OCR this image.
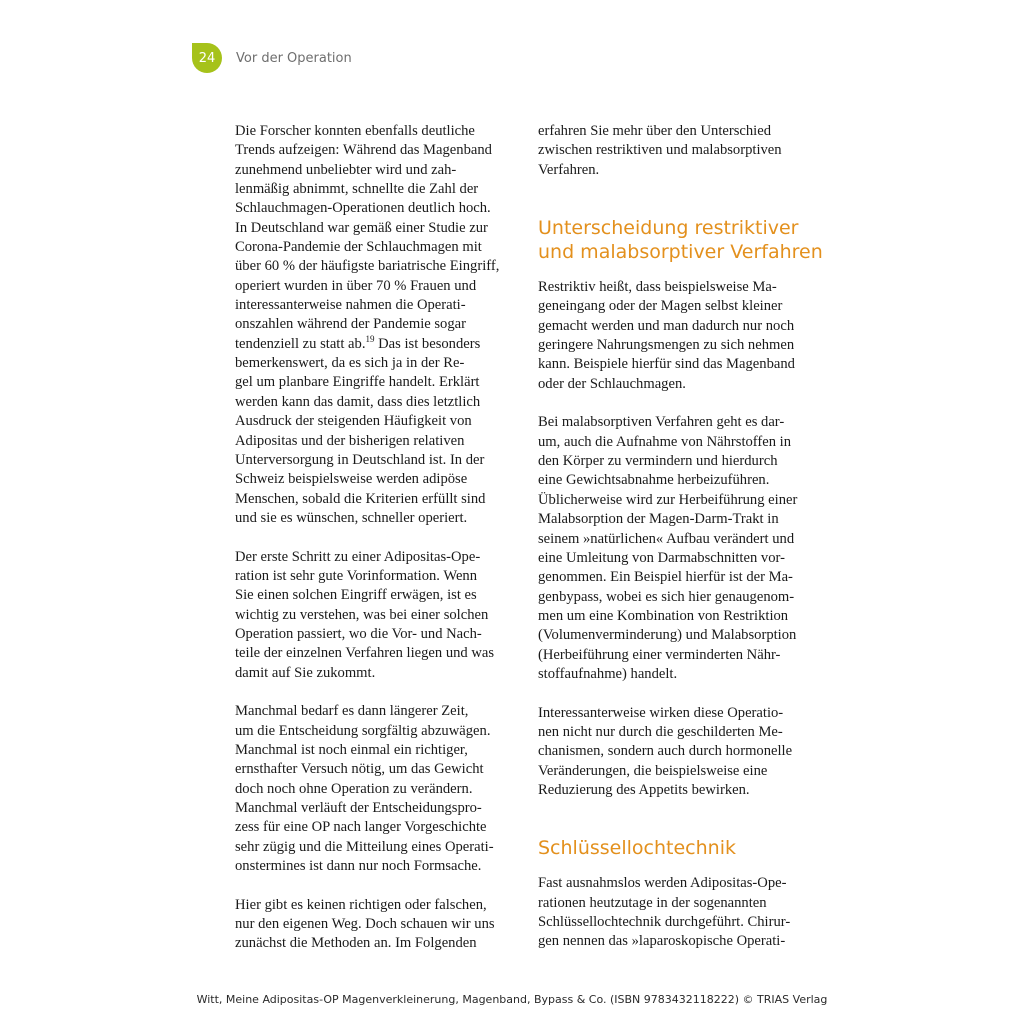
24	Vor der Operation
Die Forscher konnten ebenfalls deutliche
Trends aufzeigen: Während das Magenband
zunehmend unbeliebter wird und zah-
lenmäßig abnimmt, schnellte die Zahl der
Schlauchmagen-Operationen deutlich hoch.
In Deutschland war gemäß einer Studie zur
Corona-Pandemie der Schlauchmagen mit
über 60 % der häufigste bariatrische Eingriff,
operiert wurden in über 70 % Frauen und
interessanterweise nahmen die Operati-
onszahlen während der Pandemie sogar
tendenziell zu statt ab.$^{19}$ Das ist besonders
bemerkenswert, da es sich ja in der Re-
gel um planbare Eingriffe handelt. Erklärt
werden kann das damit, dass dies letztlich
Ausdruck der steigenden Häufigkeit von
Adipositas und der bisherigen relativen
Unterversorgung in Deutschland ist. In der
Schweiz beispielsweise werden adipöse
Menschen, sobald die Kriterien erfüllt sind
und sie es wünschen, schneller operiert.
Der erste Schritt zu einer Adipositas-Ope-
ration ist sehr gute Vorinformation. Wenn
Sie einen solchen Eingriff erwägen, ist es
wichtig zu verstehen, was bei einer solchen
Operation passiert, wo die Vor- und Nach-
teile der einzelnen Verfahren liegen und was
damit auf Sie zukommt.
Manchmal bedarf es dann längerer Zeit,
um die Entscheidung sorgfältig abzuwägen.
Manchmal ist noch einmal ein richtiger,
ernsthafter Versuch nötig, um das Gewicht
doch noch ohne Operation zu verändern.
Manchmal verläuft der Entscheidungspro-
zess für eine OP nach langer Vorgeschichte
sehr zügig und die Mitteilung eines Operati-
onstermines ist dann nur noch Formsache.
Hier gibt es keinen richtigen oder falschen,
nur den eigenen Weg. Doch schauen wir uns
zunächst die Methoden an. Im Folgenden
erfahren Sie mehr über den Unterschied
zwischen restriktiven und malabsorptiven
Verfahren.
Unterscheidung restriktiver
und malabsorptiver Verfahren
Restriktiv heißt, dass beispielsweise Ma-
geneingang oder der Magen selbst kleiner
gemacht werden und man dadurch nur noch
geringere Nahrungsmengen zu sich nehmen
kann. Beispiele hierfür sind das Magenband
oder der Schlauchmagen.
Bei malabsorptiven Verfahren geht es dar-
um, auch die Aufnahme von Nährstoffen in
den Körper zu vermindern und hierdurch
eine Gewichtsabnahme herbeizuführen.
Üblicherweise wird zur Herbeiführung einer
Malabsorption der Magen-Darm-Trakt in
seinem »natürlichen« Aufbau verändert und
eine Umleitung von Darmabschnitten vor-
genommen. Ein Beispiel hierfür ist der Ma-
genbypass, wobei es sich hier genaugenom-
men um eine Kombination von Restriktion
(Volumenverminderung) und Malabsorption
(Herbeiführung einer verminderten Nähr-
stoffaufnahme) handelt.
Interessanterweise wirken diese Operatio-
nen nicht nur durch die geschilderten Me-
chanismen, sondern auch durch hormonelle
Veränderungen, die beispielsweise eine
Reduzierung des Appetits bewirken.
Schlüssellochtechnik
Fast ausnahmslos werden Adipositas-Ope-
rationen heutzutage in der sogenannten
Schlüssellochtechnik durchgeführt. Chirur-
gen nennen das »laparoskopische Operati-
Witt, Meine Adipositas-OP Magenverkleinerung, Magenband, Bypass & Co. (ISBN 9783432118222) © TRIAS Verlag
